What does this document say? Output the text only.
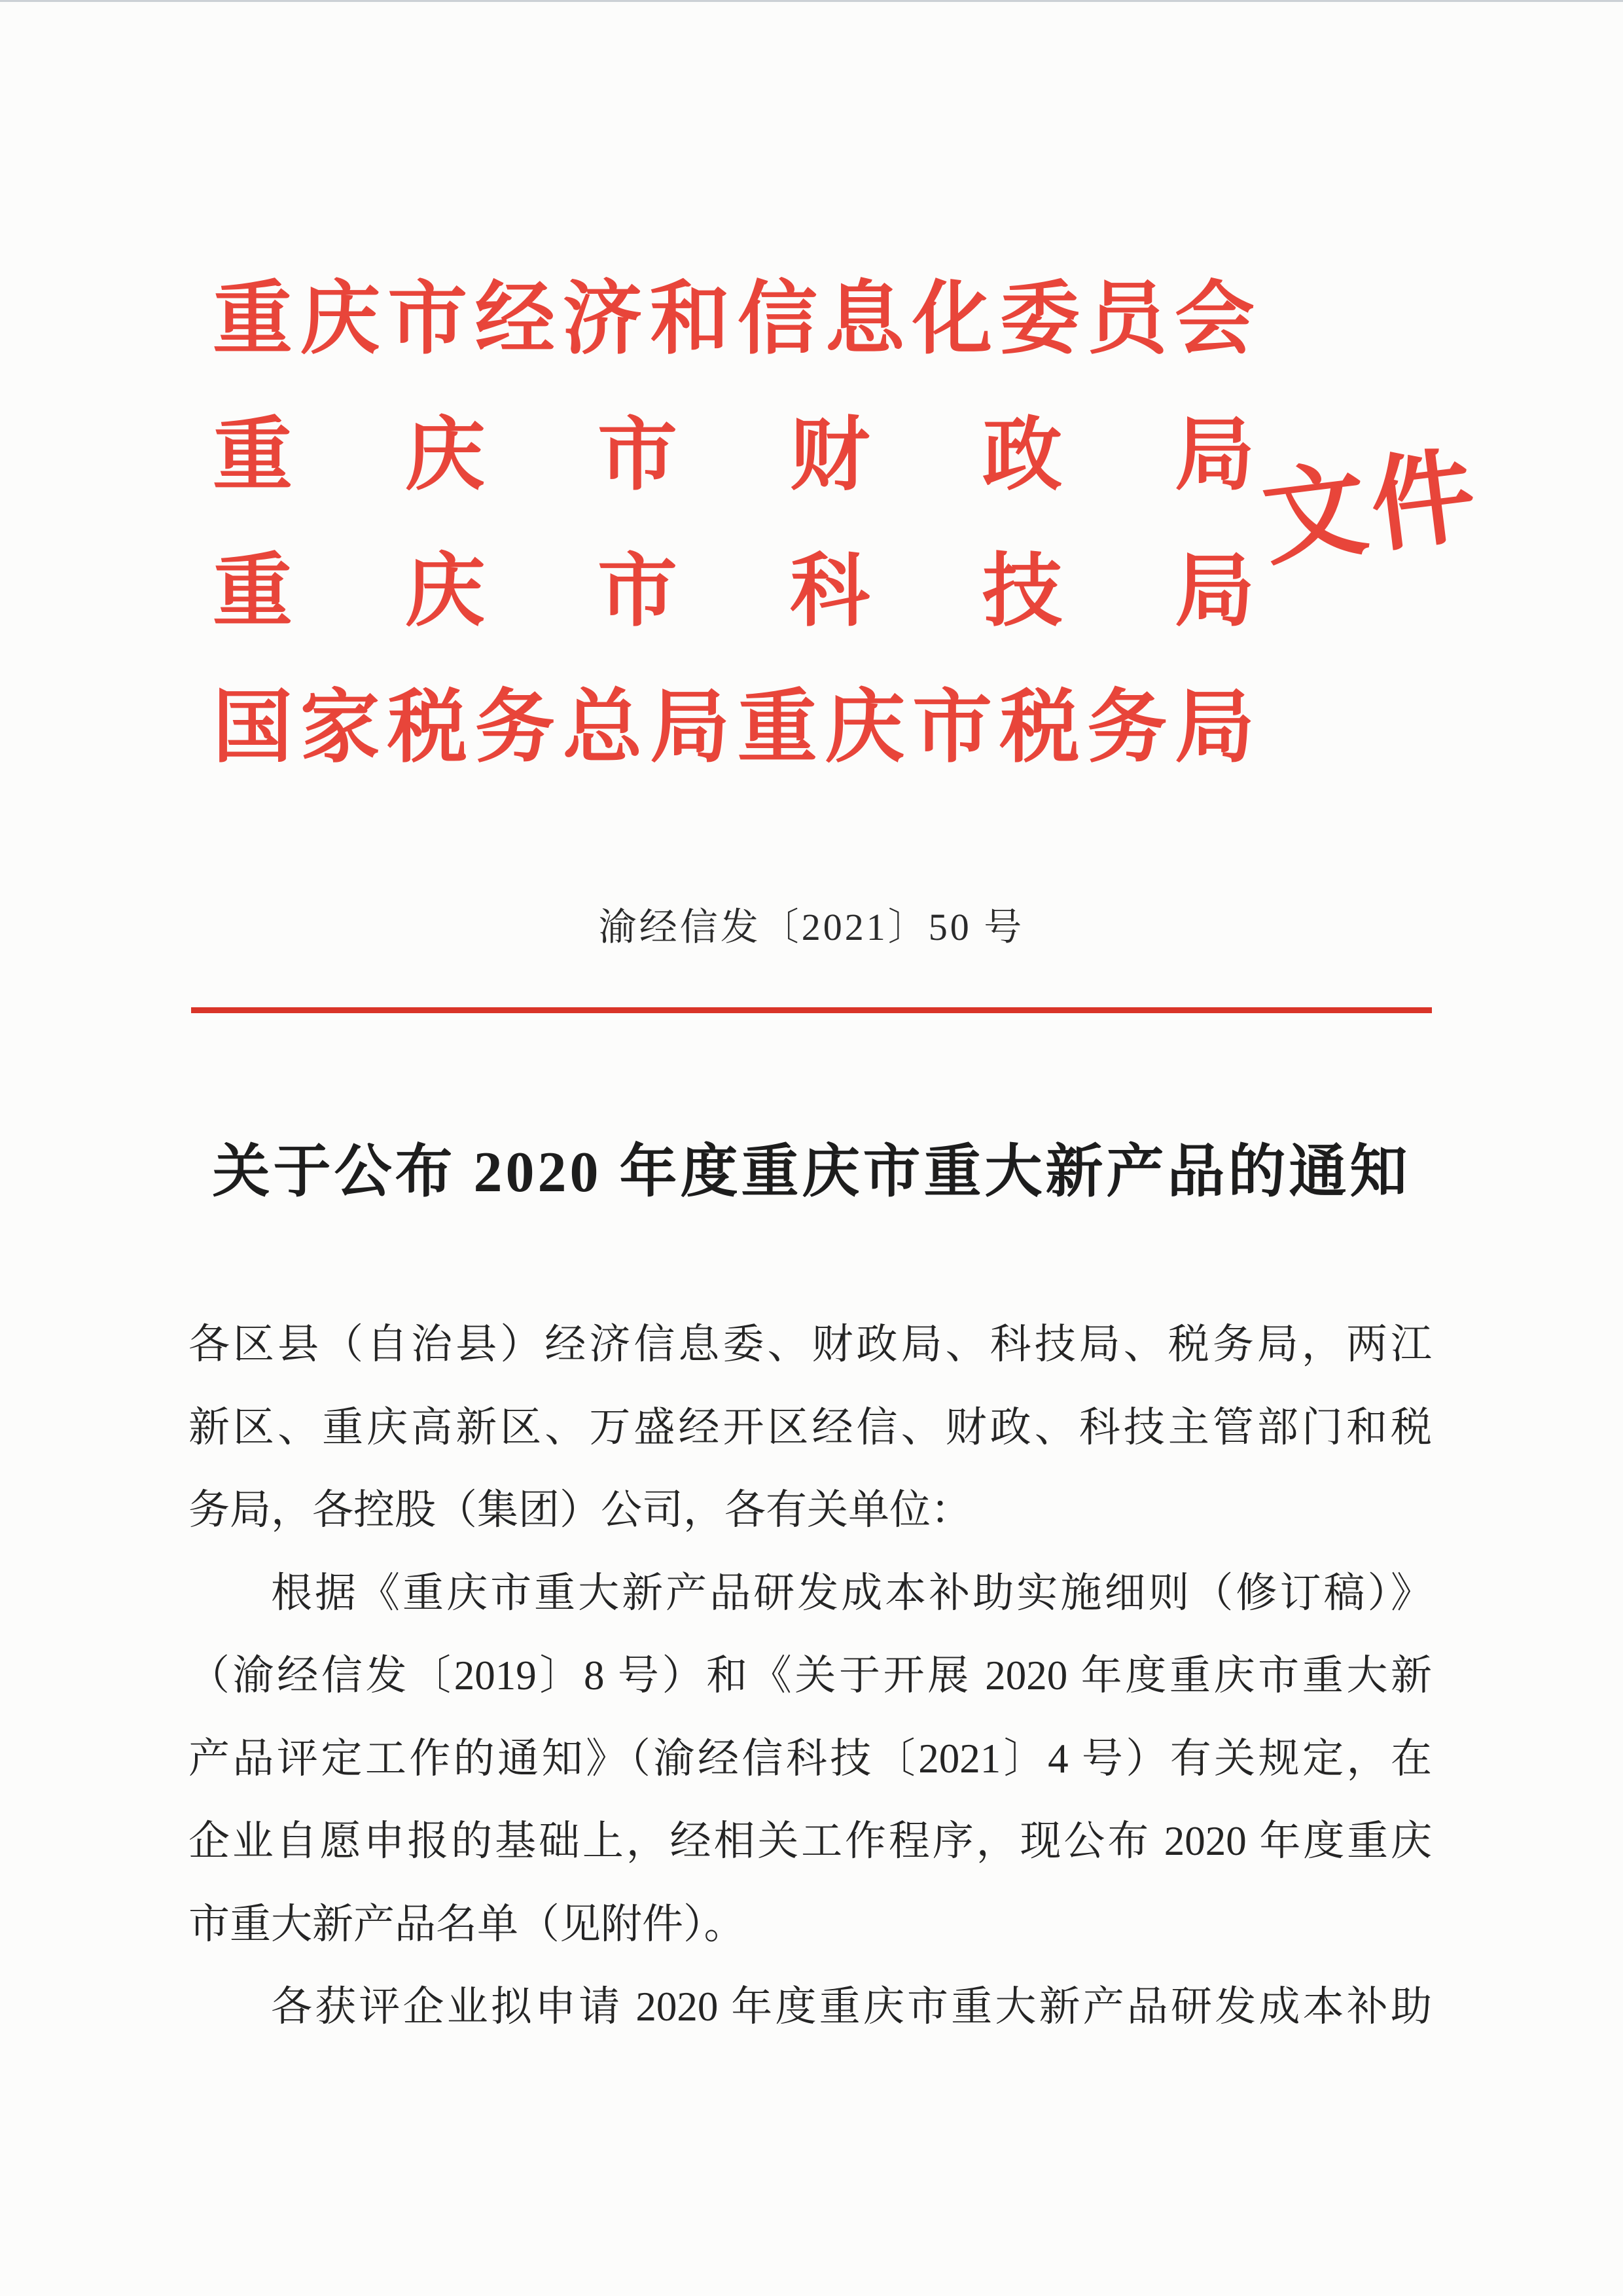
重庆市经济和信息化委员会
重庆市财政局
重庆市科技局
国家税务总局重庆市税务局
文件
渝经信发〔2021〕50 号
关于公布 2020 年度重庆市重大新产品的通知
各区县（自治县）经济信息委、财政局、科技局、税务局，两江
新区、重庆高新区、万盛经开区经信、财政、科技主管部门和税
务局，各控股（集团）公司，各有关单位：
根据《重庆市重大新产品研发成本补助实施细则（修订稿）》
（渝经信发〔2019〕8 号）和《关于开展 2020 年度重庆市重大新
产品评定工作的通知》（渝经信科技〔2021〕4 号）有关规定，在
企业自愿申报的基础上，经相关工作程序，现公布 2020 年度重庆
市重大新产品名单（见附件）。
各获评企业拟申请 2020 年度重庆市重大新产品研发成本补助
